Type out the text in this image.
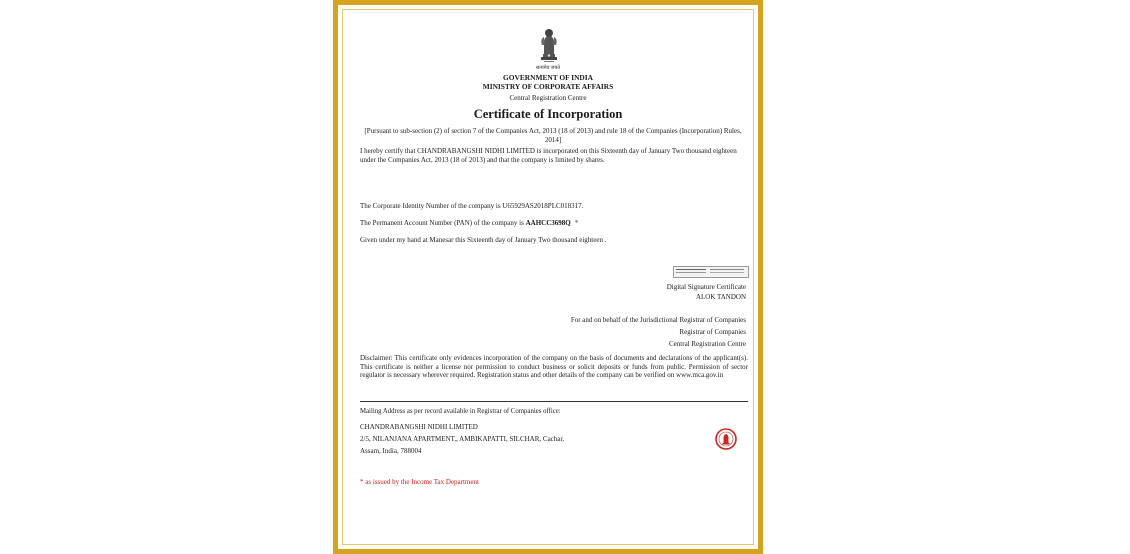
सत्यमेव जयते
GOVERNMENT OF INDIA
MINISTRY OF CORPORATE AFFAIRS
Central Registration Centre
Certificate of Incorporation
[Pursuant to sub-section (2) of section 7 of the Companies Act, 2013 (18 of 2013) and rule 18 of the Companies (Incorporation) Rules, 2014]
I hereby certify that CHANDRABANGSHI NIDHI LIMITED is incorporated on this Sixteenth day of January Two thousand eighteen under the Companies Act, 2013 (18 of 2013) and that the company is limited by shares.
The Corporate Identity Number of the company is U65929AS2018PLC018317.
The Permanent Account Number (PAN) of the company is AAHCC3698Q *
Given under my hand at Manesar this Sixteenth day of January Two thousand eighteen .
Digital Signature Certificate
ALOK TANDON
For and on behalf of the Jurisdictional Registrar of Companies
Registrar of Companies
Central Registration Centre
Disclaimer: This certificate only evidences incorporation of the company on the basis of documents and declarations of the applicant(s). This certificate is neither a license nor permission to conduct business or solicit deposits or funds from public. Permission of sector regulator is necessary wherever required. Registration status and other details of the company can be verified on www.mca.gov.in
Mailing Address as per record available in Registrar of Companies office:
CHANDRABANGSHI NIDHI LIMITED
2/5, NILANJANA APARTMENT,, AMBIKAPATTI, SILCHAR, Cachar,
Assam, India, 788004
* as issued by the Income Tax Department
